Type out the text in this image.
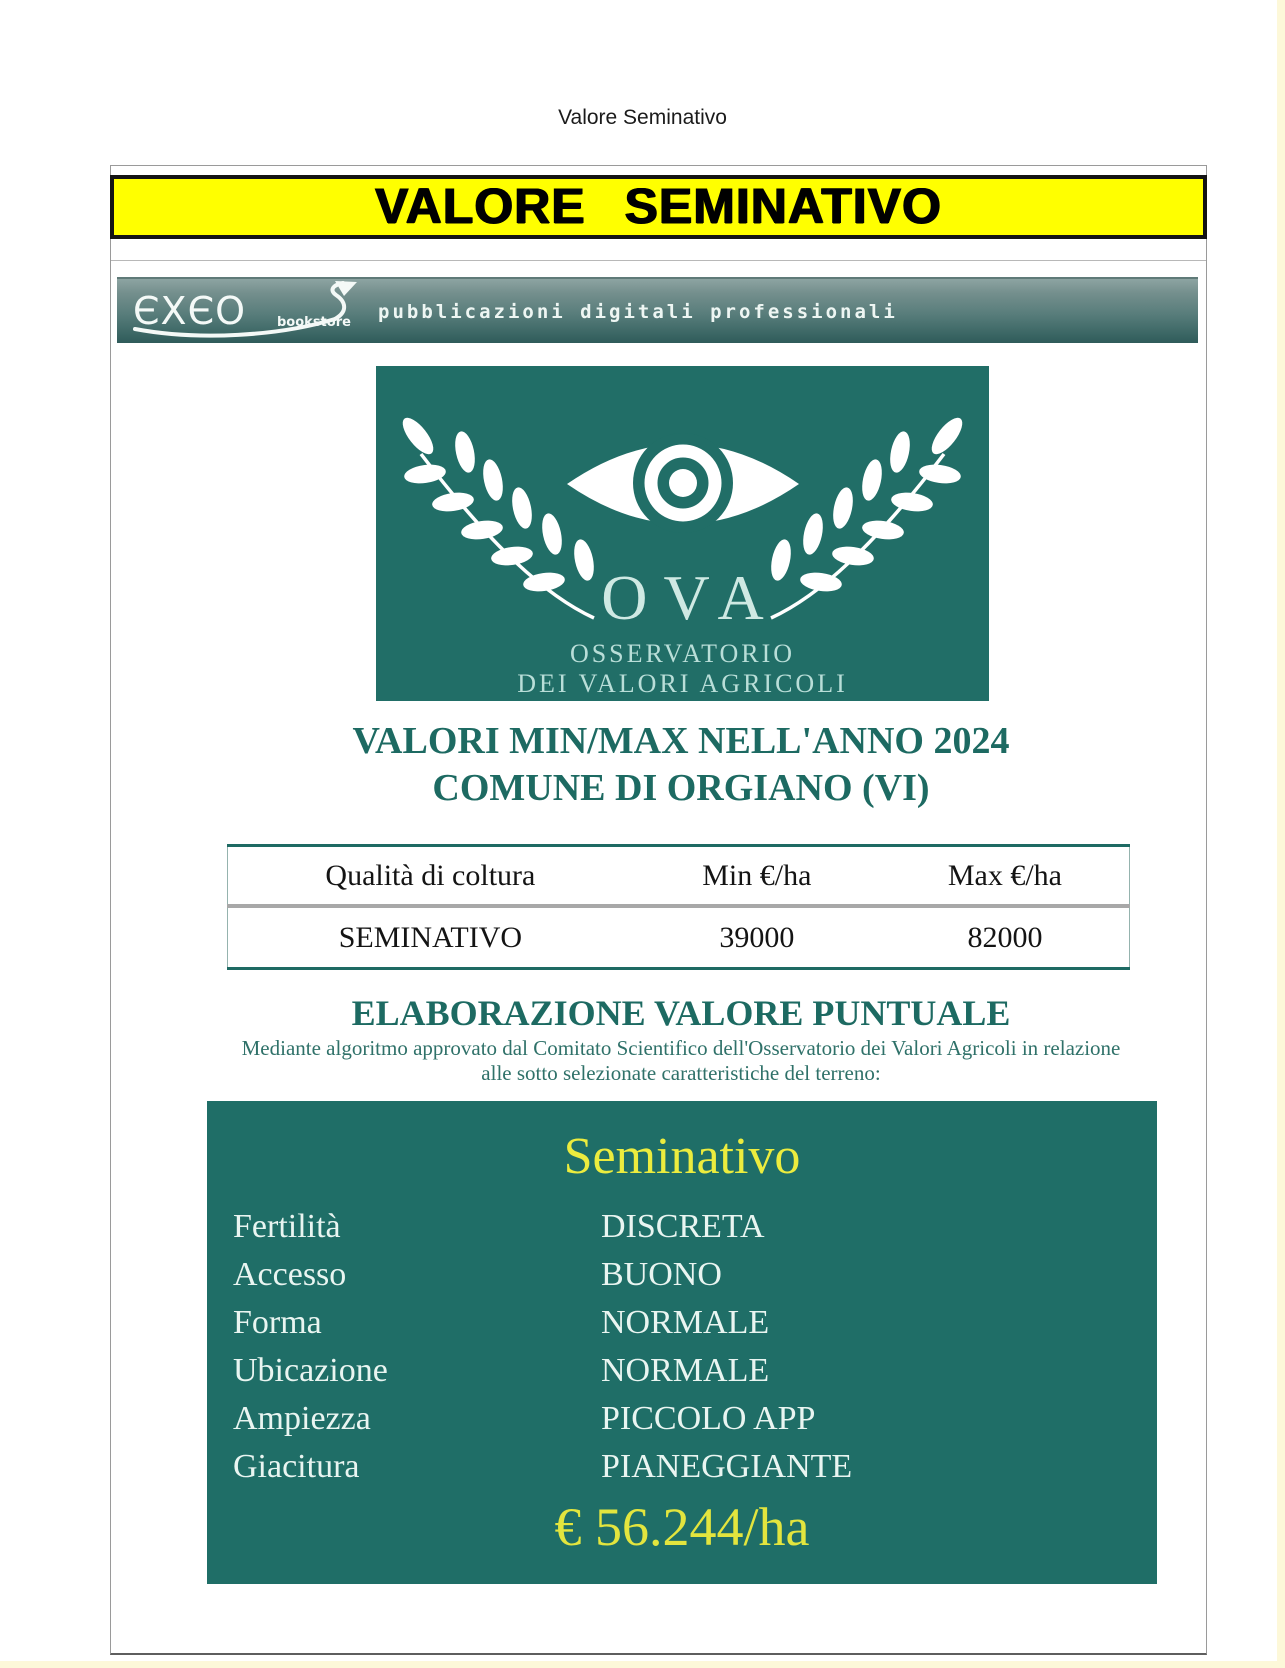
Valore Seminativo
VALORE SEMINATIVO
ЄXЄO bookstore pubblicazioni digitali professionali
OVA
OSSERVATORIO
DEI VALORI AGRICOLI
VALORI MIN/MAX NELL'ANNO 2024
COMUNE DI ORGIANO (VI)
Qualità di coltura	Min €/ha	Max €/ha
SEMINATIVO	39000	82000
ELABORAZIONE VALORE PUNTUALE
Mediante algoritmo approvato dal Comitato Scientifico dell'Osservatorio dei Valori Agricoli in relazione
alle sotto selezionate caratteristiche del terreno:
Seminativo
Fertilità	DISCRETA
Accesso	BUONO
Forma	NORMALE
Ubicazione	NORMALE
Ampiezza	PICCOLO APP
Giacitura	PIANEGGIANTE
€ 56.244/ha
